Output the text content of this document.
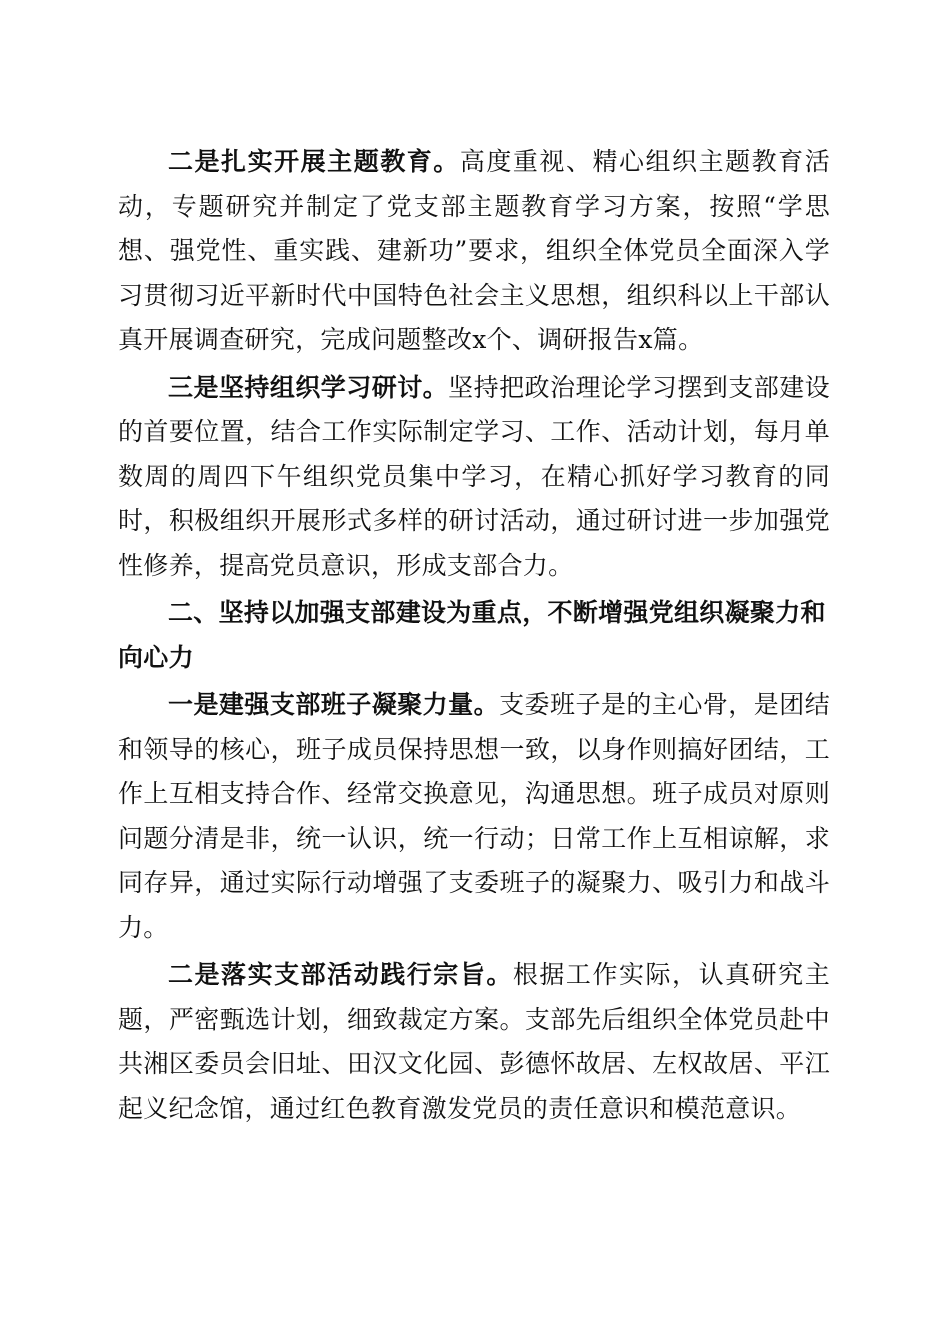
二是扎实开展主题教育。高度重视、精心组织主题教育活动，专题研究并制定了党支部主题教育学习方案，按照“学思想、强党性、重实践、建新功”要求，组织全体党员全面深入学习贯彻习近平新时代中国特色社会主义思想，组织科以上干部认真开展调查研究，完成问题整改x个、调研报告x篇。

三是坚持组织学习研讨。坚持把政治理论学习摆到支部建设的首要位置，结合工作实际制定学习、工作、活动计划，每月单数周的周四下午组织党员集中学习，在精心抓好学习教育的同时，积极组织开展形式多样的研讨活动，通过研讨进一步加强党性修养，提高党员意识，形成支部合力。

二、坚持以加强支部建设为重点，不断增强党组织凝聚力和向心力

一是建强支部班子凝聚力量。支委班子是的主心骨，是团结和领导的核心，班子成员保持思想一致，以身作则搞好团结，工作上互相支持合作、经常交换意见，沟通思想。班子成员对原则问题分清是非，统一认识，统一行动；日常工作上互相谅解，求同存异，通过实际行动增强了支委班子的凝聚力、吸引力和战斗力。

二是落实支部活动践行宗旨。根据工作实际，认真研究主题，严密甄选计划，细致裁定方案。支部先后组织全体党员赴中共湘区委员会旧址、田汉文化园、彭德怀故居、左权故居、平江起义纪念馆，通过红色教育激发党员的责任意识和模范意识。
